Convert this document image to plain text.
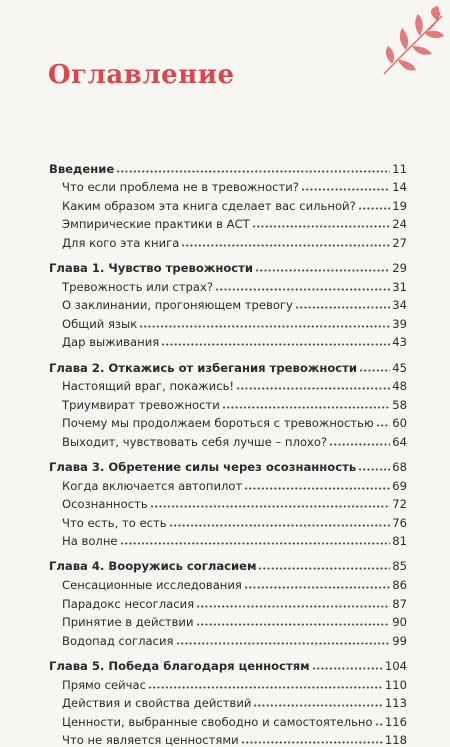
Оглавление
Введение	11
Что если проблема не в тревожности?	14
Каким образом эта книга сделает вас сильной?	19
Эмпирические практики в АСТ	24
Для кого эта книга	27
Глава 1. Чувство тревожности	29
Тревожность или страх?	31
О заклинании, прогоняющем тревогу	34
Общий язык	39
Дар выживания	43
Глава 2. Откажись от избегания тревожности	45
Настоящий враг, покажись!	48
Триумвират тревожности	58
Почему мы продолжаем бороться с тревожностью 60
Выходит, чувствовать себя лучше – плохо?	64
Глава 3. Обретение силы через осознанность	68
Когда включается автопилот	69
Осознанность	72
Что есть, то есть	76
На волне	81
Глава 4. Вооружись согласием	85
Сенсационные исследования	86
Парадокс несогласия	87
Принятие в действии	90
Водопад согласия	99
Глава 5. Победа благодаря ценностям	104
Прямо сейчас	110
Действия и свойства действий	113
Ценности, выбранные свободно и самостоятельно 116
Что не является ценностями	118
